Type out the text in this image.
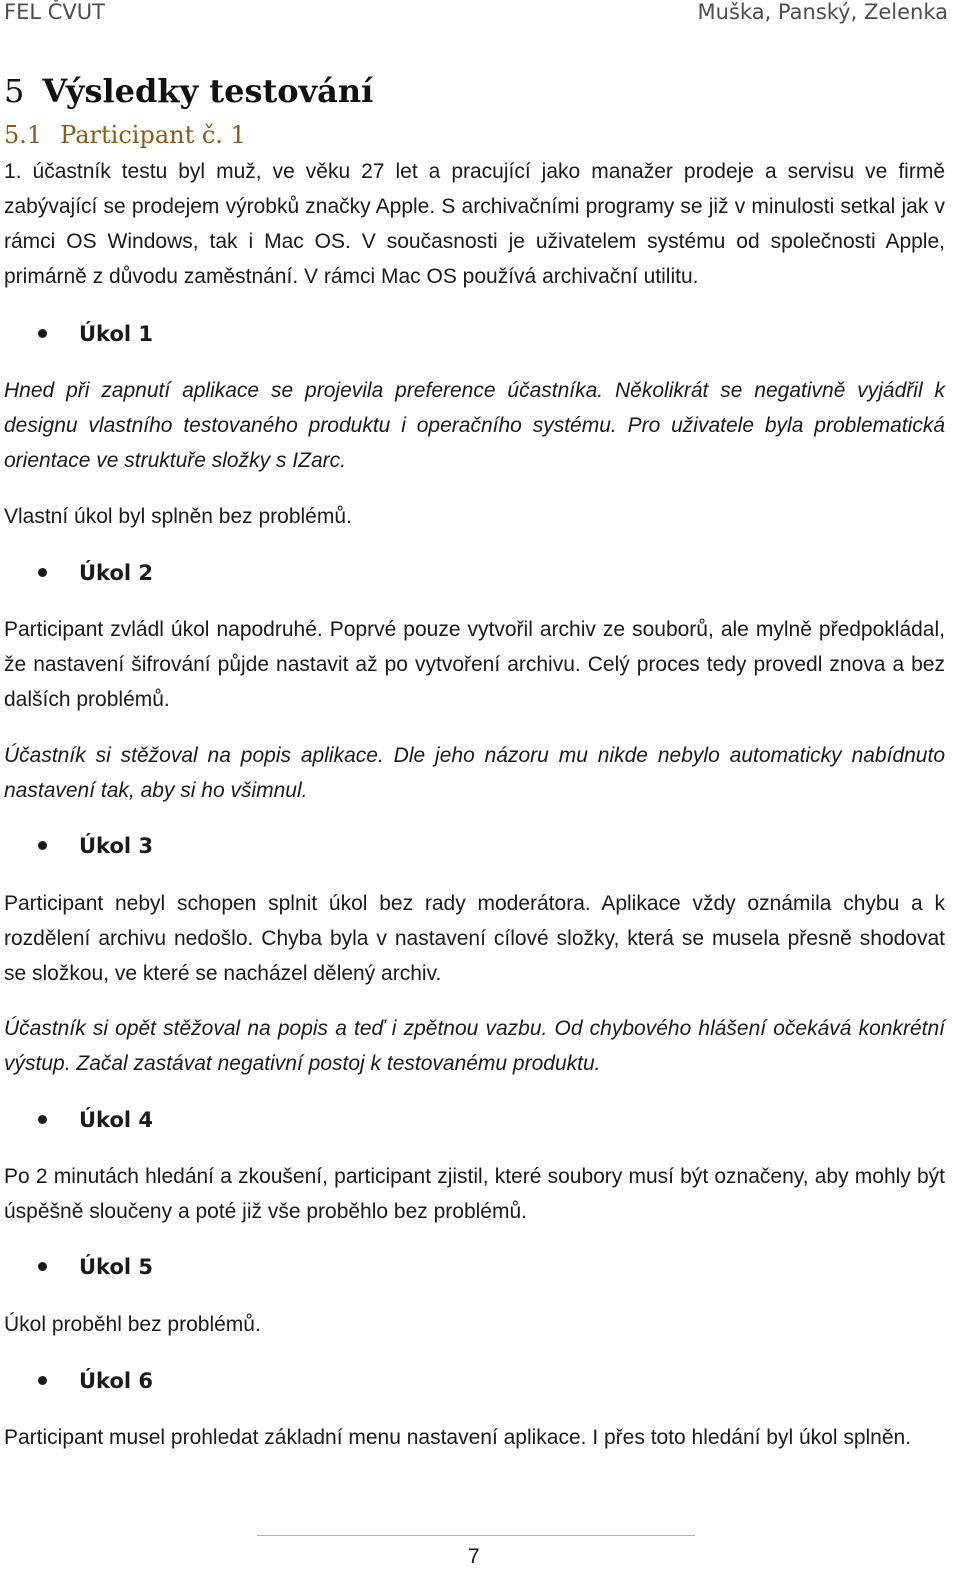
FEL ČVUT	Muška, Panský, Zelenka
5 Výsledky testování
5.1 Participant č. 1

1. účastník testu byl muž, ve věku 27 let a pracující jako manažer prodeje a servisu ve firmě zabývající se prodejem výrobků značky Apple. S archivačními programy se již v minulosti setkal jak v rámci OS Windows, tak i Mac OS. V současnosti je uživatelem systému od společnosti Apple, primárně z důvodu zaměstnání. V rámci Mac OS používá archivační utilitu.

Úkol 1

Hned při zapnutí aplikace se projevila preference účastníka. Několikrát se negativně vyjádřil k designu vlastního testovaného produktu i operačního systému. Pro uživatele byla problematická orientace ve struktuře složky s IZarc.

Vlastní úkol byl splněn bez problémů.

Úkol 2

Participant zvládl úkol napodruhé. Poprvé pouze vytvořil archiv ze souborů, ale mylně předpokládal, že nastavení šifrování půjde nastavit až po vytvoření archivu. Celý proces tedy provedl znova a bez dalších problémů.

Účastník si stěžoval na popis aplikace. Dle jeho názoru mu nikde nebylo automaticky nabídnuto nastavení tak, aby si ho všimnul.

Úkol 3

Participant nebyl schopen splnit úkol bez rady moderátora. Aplikace vždy oznámila chybu a k rozdělení archivu nedošlo. Chyba byla v nastavení cílové složky, která se musela přesně shodovat se složkou, ve které se nacházel dělený archiv.

Účastník si opět stěžoval na popis a teď i zpětnou vazbu. Od chybového hlášení očekává konkrétní výstup. Začal zastávat negativní postoj k testovanému produktu.

Úkol 4

Po 2 minutách hledání a zkoušení, participant zjistil, které soubory musí být označeny, aby mohly být úspěšně sloučeny a poté již vše proběhlo bez problémů.

Úkol 5

Úkol proběhl bez problémů.

Úkol 6

Participant musel prohledat základní menu nastavení aplikace. I přes toto hledání byl úkol splněn.

7
